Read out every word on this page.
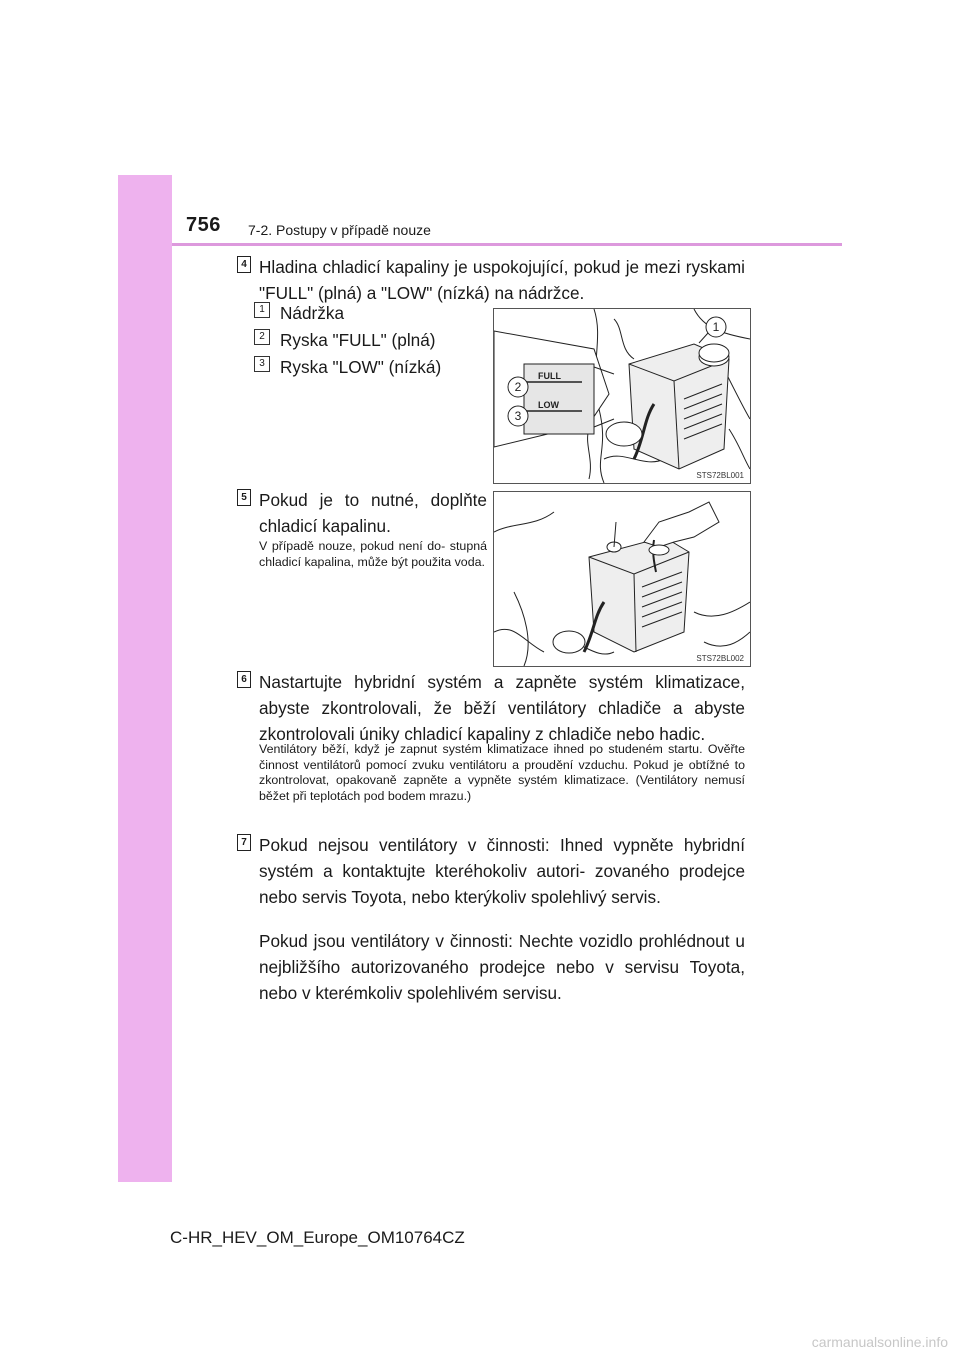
756 7-2. Postupy v případě nouze
4 Hladina chladicí kapaliny je uspokojující, pokud je mezi ryskami "FULL" (plná) a "LOW" (nízká) na nádržce.
1 Nádržka
2 Ryska "FULL" (plná)
3 Ryska "LOW" (nízká)
1
2
3
FULL
LOW
STS72BL001
5 Pokud je to nutné, doplňte chladicí kapalinu.
V případě nouze, pokud není do- stupná chladicí kapalina, může být použita voda.
STS72BL002
6 Nastartujte hybridní systém a zapněte systém klimatizace, abyste zkontrolovali, že běží ventilátory chladiče a abyste zkontrolovali úniky chladicí kapaliny z chladiče nebo hadic.
Ventilátory běží, když je zapnut systém klimatizace ihned po studeném startu. Ověřte činnost ventilátorů pomocí zvuku ventilátoru a proudění vzduchu. Pokud je obtížné to zkontrolovat, opakovaně zapněte a vypněte systém klimatizace. (Ventilátory nemusí běžet při teplotách pod bodem mrazu.)
7 Pokud nejsou ventilátory v činnosti: Ihned vypněte hybridní systém a kontaktujte kteréhokoliv autori- zovaného prodejce nebo servis Toyota, nebo kterýkoliv spolehlivý servis.
Pokud jsou ventilátory v činnosti: Nechte vozidlo prohlédnout u nejbližšího autorizovaného prodejce nebo v servisu Toyota, nebo v kterémkoliv spolehlivém servisu.
C-HR_HEV_OM_Europe_OM10764CZ
carmanualsonline.info
